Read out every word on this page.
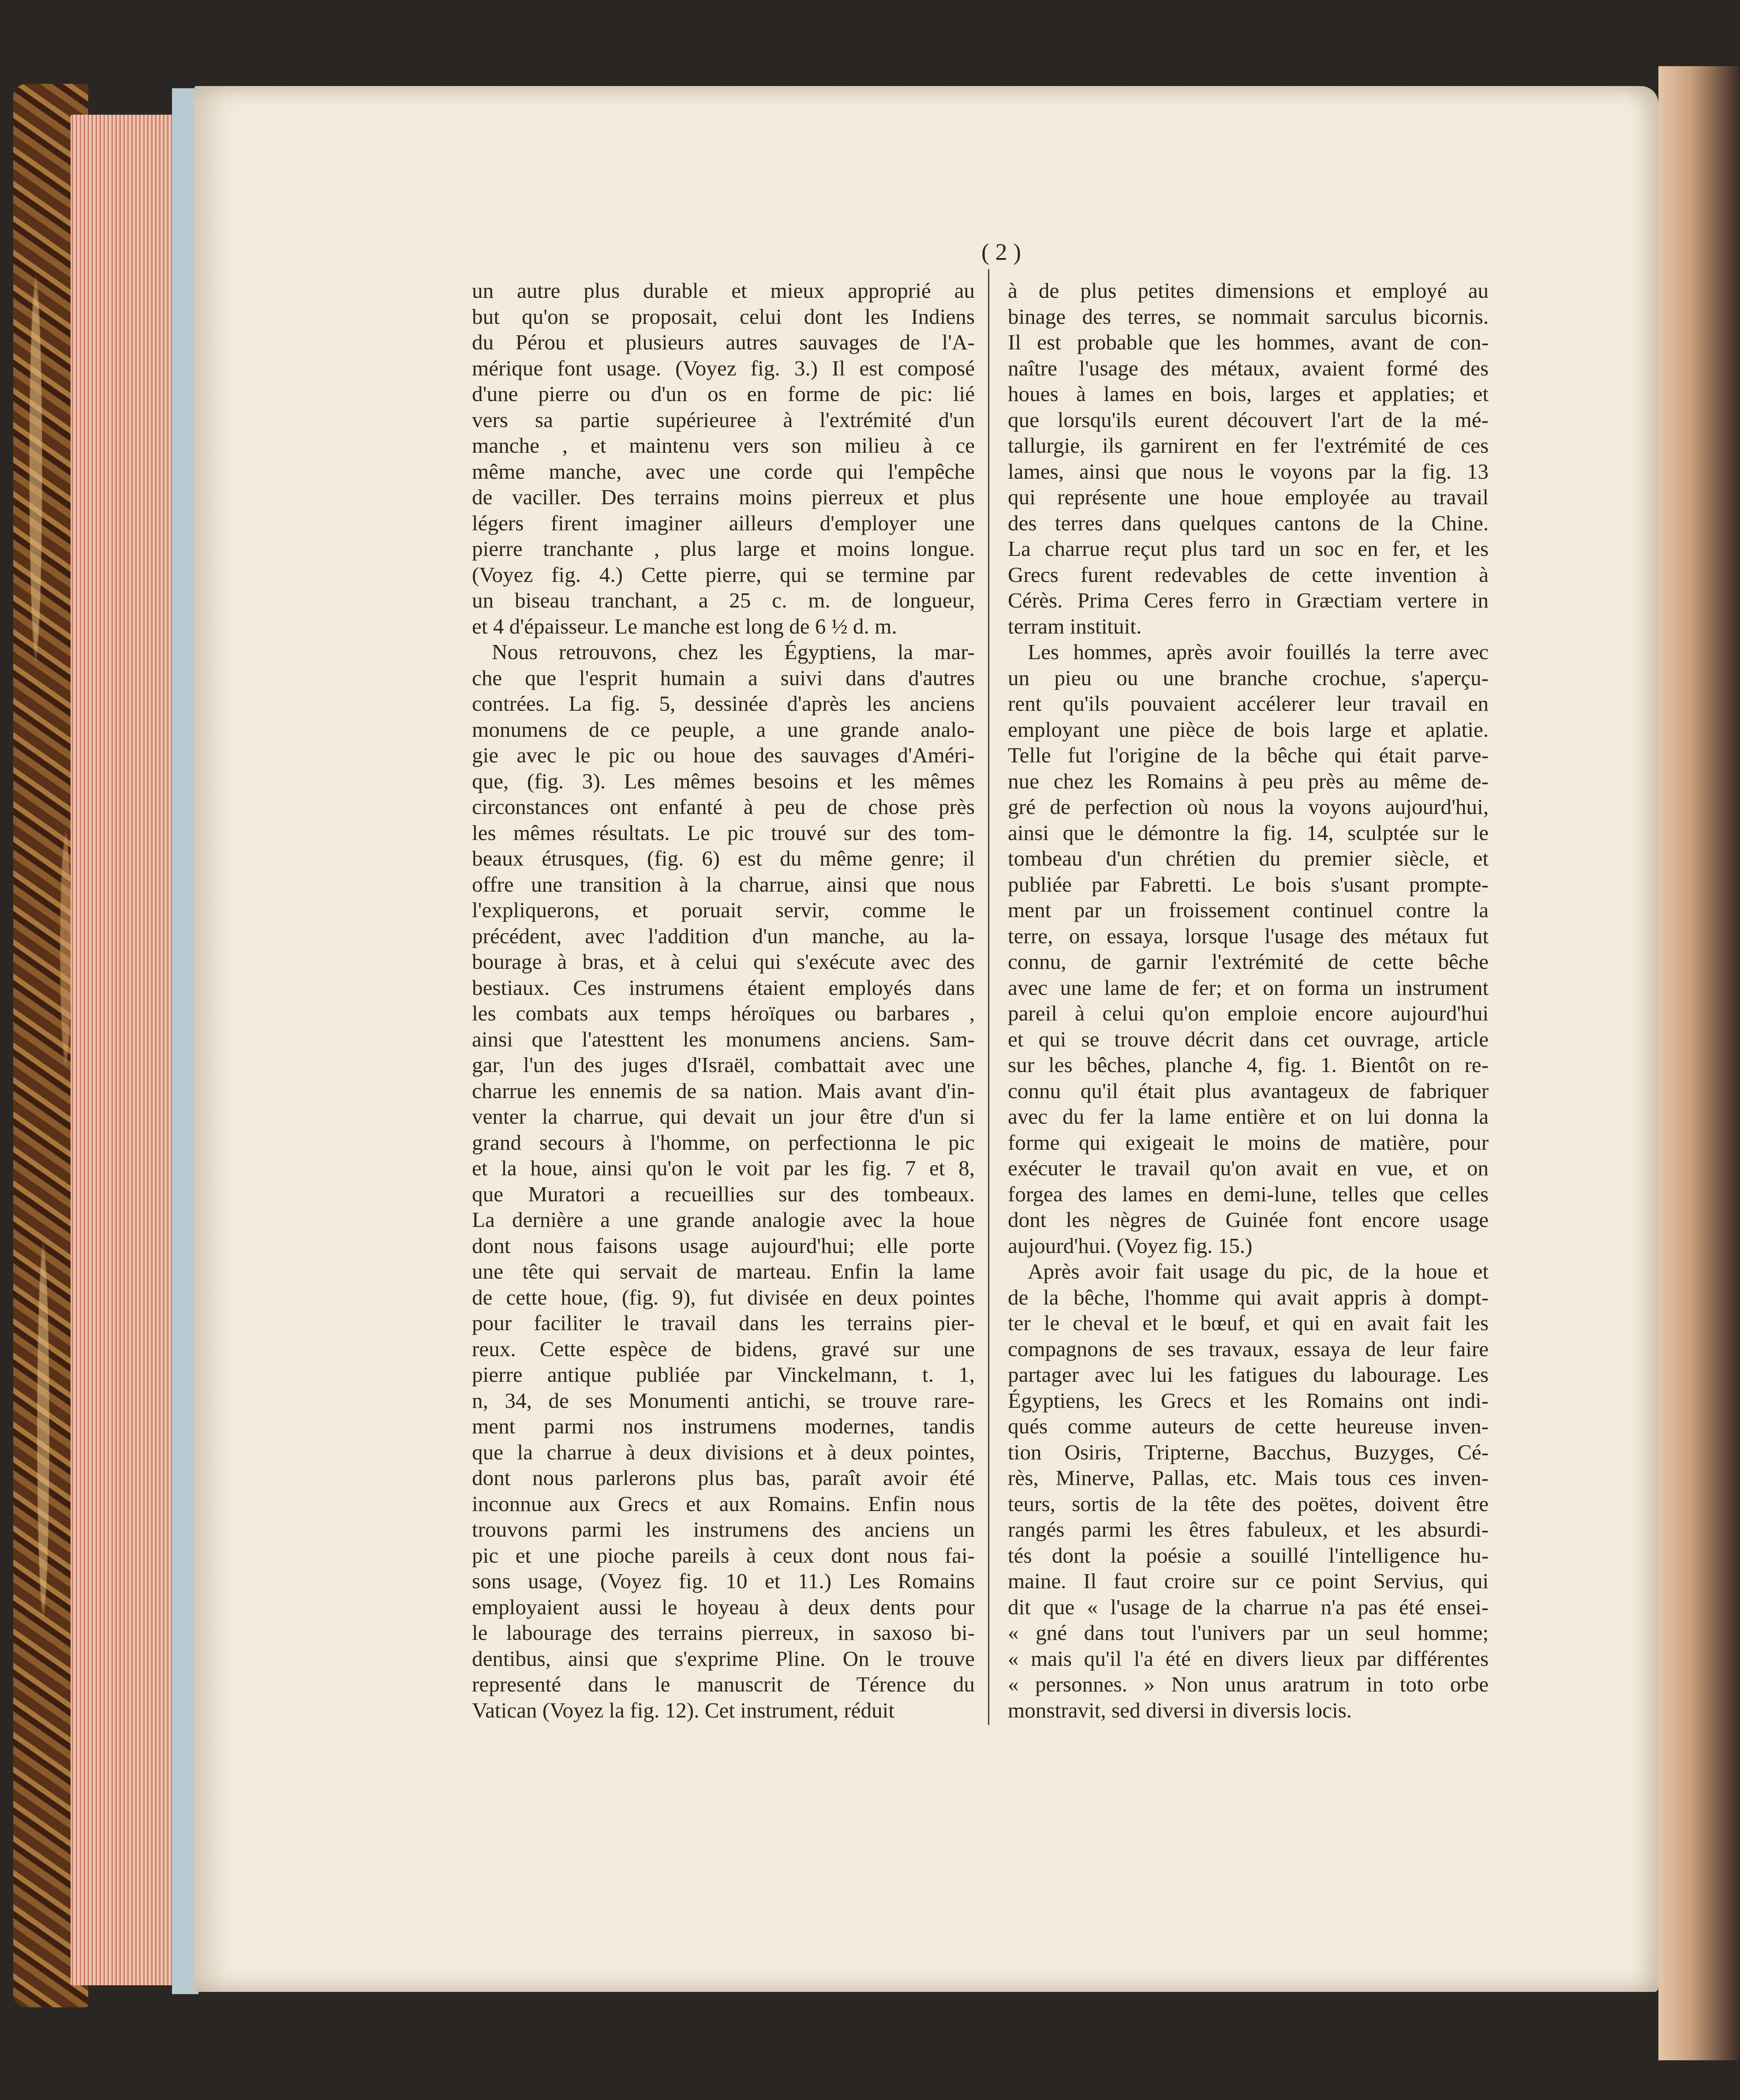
( 2 )
un autre plus durable et mieux approprié au
but qu'on se proposait, celui dont les Indiens
du Pérou et plusieurs autres sauvages de l'A-
mérique font usage. (Voyez fig. 3.) Il est composé
d'une pierre ou d'un os en forme de pic: lié
vers sa partie supérieuree à l'extrémité d'un
manche , et maintenu vers son milieu à ce
même manche, avec une corde qui l'empêche
de vaciller. Des terrains moins pierreux et plus
légers firent imaginer ailleurs d'employer une
pierre tranchante , plus large et moins longue.
(Voyez fig. 4.) Cette pierre, qui se termine par
un biseau tranchant, a 25 c. m. de longueur,
et 4 d'épaisseur. Le manche est long de 6 ½ d. m.
Nous retrouvons, chez les Égyptiens, la mar-
che que l'esprit humain a suivi dans d'autres
contrées. La fig. 5, dessinée d'après les anciens
monumens de ce peuple, a une grande analo-
gie avec le pic ou houe des sauvages d'Améri-
que, (fig. 3). Les mêmes besoins et les mêmes
circonstances ont enfanté à peu de chose près
les mêmes résultats. Le pic trouvé sur des tom-
beaux étrusques, (fig. 6) est du même genre; il
offre une transition à la charrue, ainsi que nous
l'expliquerons, et poruait servir, comme le
précédent, avec l'addition d'un manche, au la-
bourage à bras, et à celui qui s'exécute avec des
bestiaux. Ces instrumens étaient employés dans
les combats aux temps héroïques ou barbares ,
ainsi que l'atesttent les monumens anciens. Sam-
gar, l'un des juges d'Israël, combattait avec une
charrue les ennemis de sa nation. Mais avant d'in-
venter la charrue, qui devait un jour être d'un si
grand secours à l'homme, on perfectionna le pic
et la houe, ainsi qu'on le voit par les fig. 7 et 8,
que Muratori a recueillies sur des tombeaux.
La dernière a une grande analogie avec la houe
dont nous faisons usage aujourd'hui; elle porte
une tête qui servait de marteau. Enfin la lame
de cette houe, (fig. 9), fut divisée en deux pointes
pour faciliter le travail dans les terrains pier-
reux. Cette espèce de bidens, gravé sur une
pierre antique publiée par Vinckelmann, t. 1,
n, 34, de ses Monumenti antichi, se trouve rare-
ment parmi nos instrumens modernes, tandis
que la charrue à deux divisions et à deux pointes,
dont nous parlerons plus bas, paraît avoir été
inconnue aux Grecs et aux Romains. Enfin nous
trouvons parmi les instrumens des anciens un
pic et une pioche pareils à ceux dont nous fai-
sons usage, (Voyez fig. 10 et 11.) Les Romains
employaient aussi le hoyeau à deux dents pour
le labourage des terrains pierreux, in saxoso bi-
dentibus, ainsi que s'exprime Pline. On le trouve
representé dans le manuscrit de Térence du
Vatican (Voyez la fig. 12). Cet instrument, réduit
à de plus petites dimensions et employé au
binage des terres, se nommait sarculus bicornis.
Il est probable que les hommes, avant de con-
naître l'usage des métaux, avaient formé des
houes à lames en bois, larges et applaties; et
que lorsqu'ils eurent découvert l'art de la mé-
tallurgie, ils garnirent en fer l'extrémité de ces
lames, ainsi que nous le voyons par la fig. 13
qui représente une houe employée au travail
des terres dans quelques cantons de la Chine.
La charrue reçut plus tard un soc en fer, et les
Grecs furent redevables de cette invention à
Cérès. Prima Ceres ferro in Græctiam vertere in
terram instituit.
Les hommes, après avoir fouillés la terre avec
un pieu ou une branche crochue, s'aperçu-
rent qu'ils pouvaient accélerer leur travail en
employant une pièce de bois large et aplatie.
Telle fut l'origine de la bêche qui était parve-
nue chez les Romains à peu près au même de-
gré de perfection où nous la voyons aujourd'hui,
ainsi que le démontre la fig. 14, sculptée sur le
tombeau d'un chrétien du premier siècle, et
publiée par Fabretti. Le bois s'usant prompte-
ment par un froissement continuel contre la
terre, on essaya, lorsque l'usage des métaux fut
connu, de garnir l'extrémité de cette bêche
avec une lame de fer; et on forma un instrument
pareil à celui qu'on emploie encore aujourd'hui
et qui se trouve décrit dans cet ouvrage, article
sur les bêches, planche 4, fig. 1. Bientôt on re-
connu qu'il était plus avantageux de fabriquer
avec du fer la lame entière et on lui donna la
forme qui exigeait le moins de matière, pour
exécuter le travail qu'on avait en vue, et on
forgea des lames en demi-lune, telles que celles
dont les nègres de Guinée font encore usage
aujourd'hui. (Voyez fig. 15.)
Après avoir fait usage du pic, de la houe et
de la bêche, l'homme qui avait appris à dompt-
ter le cheval et le bœuf, et qui en avait fait les
compagnons de ses travaux, essaya de leur faire
partager avec lui les fatigues du labourage. Les
Égyptiens, les Grecs et les Romains ont indi-
qués comme auteurs de cette heureuse inven-
tion Osiris, Tripterne, Bacchus, Buzyges, Cé-
rès, Minerve, Pallas, etc. Mais tous ces inven-
teurs, sortis de la tête des poëtes, doivent être
rangés parmi les êtres fabuleux, et les absurdi-
tés dont la poésie a souillé l'intelligence hu-
maine. Il faut croire sur ce point Servius, qui
dit que « l'usage de la charrue n'a pas été ensei-
« gné dans tout l'univers par un seul homme;
« mais qu'il l'a été en divers lieux par différentes
« personnes. » Non unus aratrum in toto orbe
monstravit, sed diversi in diversis locis.
